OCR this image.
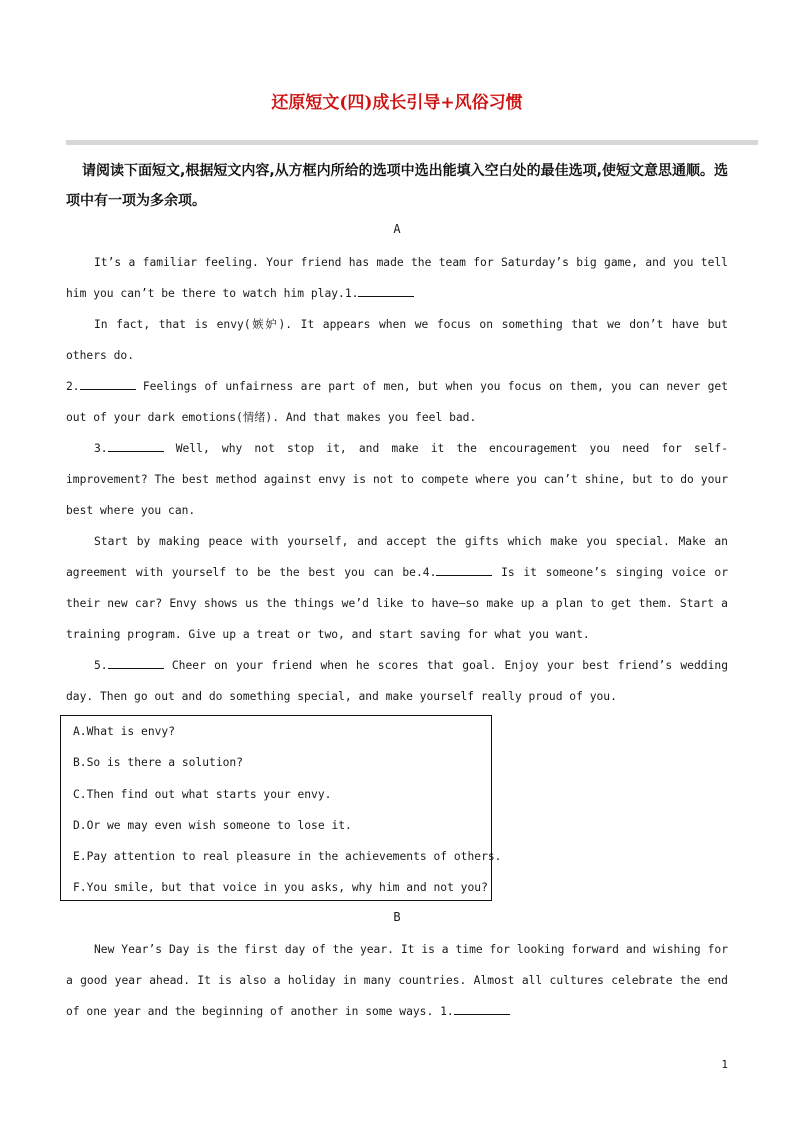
还原短文(四)成长引导+风俗习惯
请阅读下面短文,根据短文内容,从方框内所给的选项中选出能填入空白处的最佳选项,使短文意思通顺。选项中有一项为多余项。
A

It’s a familiar feeling. Your friend has made the team for Saturday’s big game, and you tell him you can’t be there to watch him play.1.

In fact, that is envy(嫉妒). It appears when we focus on something that we don’t have but others do.

2.	Feelings of unfairness are part of men, but when you focus on them, you can never get out of your dark emotions(情绪). And that makes you feel bad.

3.	Well, why not stop it, and make it the encouragement you need for self-improvement? The best method against envy is not to compete where you can’t shine, but to do your best where you can.

Start by making peace with yourself, and accept the gifts which make you special. Make an agreement with yourself to be the best you can be.4.	Is it someone’s singing voice or their new car? Envy shows us the things we’d like to have—so make up a plan to get them. Start a training program. Give up a treat or two, and start saving for what you want.

5.	Cheer on your friend when he scores that goal. Enjoy your best friend’s wedding day. Then go out and do something special, and make yourself really proud of you.

A.What is envy?
B.So is there a solution?
C.Then find out what starts your envy.
D.Or we may even wish someone to lose it.
E.Pay attention to real pleasure in the achievements of others.
F.You smile, but that voice in you asks, why him and not you?
B

New Year’s Day is the first day of the year. It is a time for looking forward and wishing for a good year ahead. It is also a holiday in many countries. Almost all cultures celebrate the end of one year and the beginning of another in some ways. 1.

1
